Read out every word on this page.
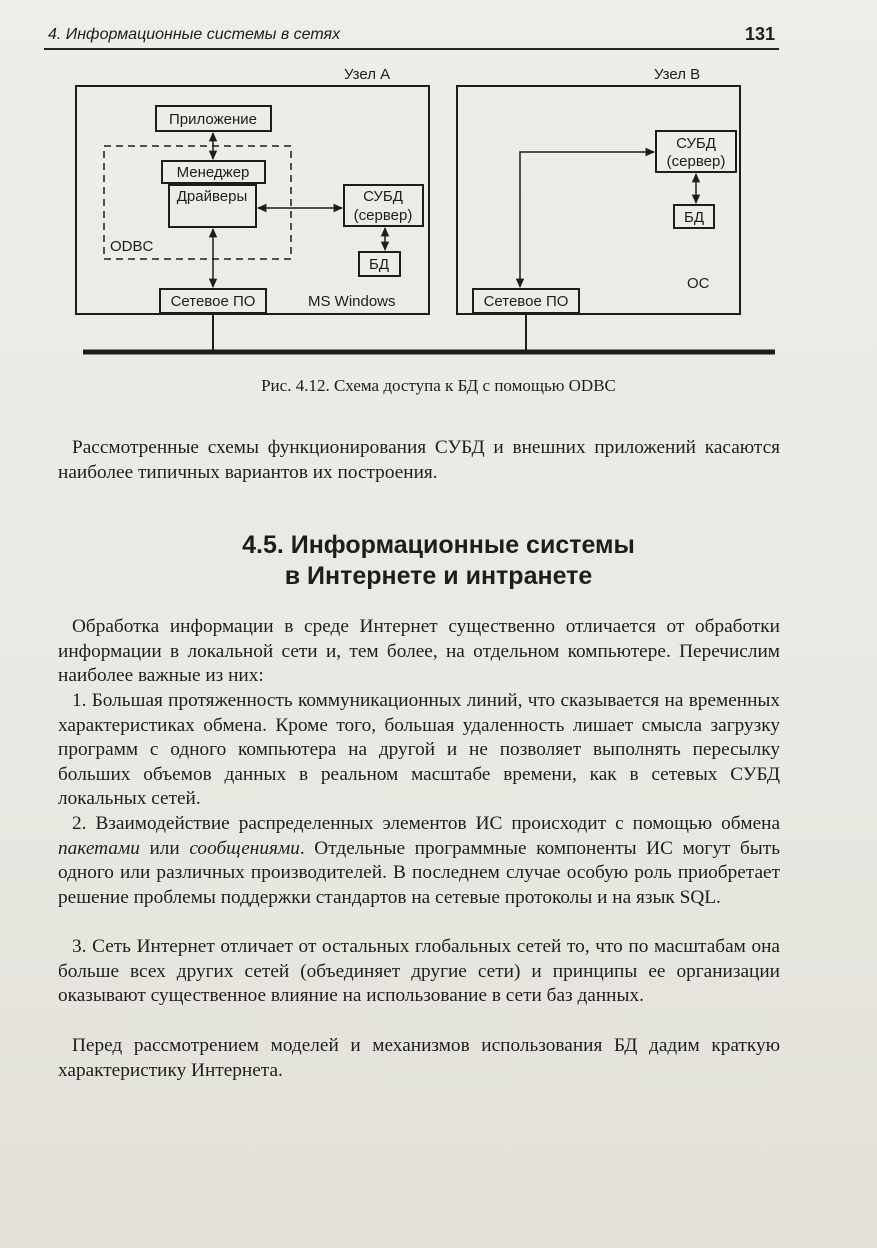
4. Информационные системы в сетях	131
Узел А	Узел В
Приложение
Менеджер
Драйверы
ODBC
СУБД
(сервер)
БД
Сетевое ПО	MS Windows
СУБД
(сервер)
БД
ОС
Сетевое ПО
Рис. 4.12. Схема доступа к БД с помощью ODBC

Рассмотренные схемы функционирования СУБД и внешних приложений касаются наиболее типичных вариантов их построения.

4.5. Информационные системы
в Интернете и интранете

Обработка информации в среде Интернет существенно отличается от обработки информации в локальной сети и, тем более, на отдельном компьютере. Перечислим наиболее важные из них:

1. Большая протяженность коммуникационных линий, что сказывается на временных характеристиках обмена. Кроме того, большая удаленность лишает смысла загрузку программ с одного компьютера на другой и не позволяет выполнять пересылку больших объемов данных в реальном масштабе времени, как в сетевых СУБД локальных сетей.

2. Взаимодействие распределенных элементов ИС происходит с помощью обмена пакетами или сообщениями. Отдельные программные компоненты ИС могут быть одного или различных производителей. В последнем случае особую роль приобретает решение проблемы поддержки стандартов на сетевые протоколы и на язык SQL.

3. Сеть Интернет отличает от остальных глобальных сетей то, что по масштабам она больше всех других сетей (объединяет другие сети) и принципы ее организации оказывают существенное влияние на использование в сети баз данных.

Перед рассмотрением моделей и механизмов использования БД дадим краткую характеристику Интернета.
